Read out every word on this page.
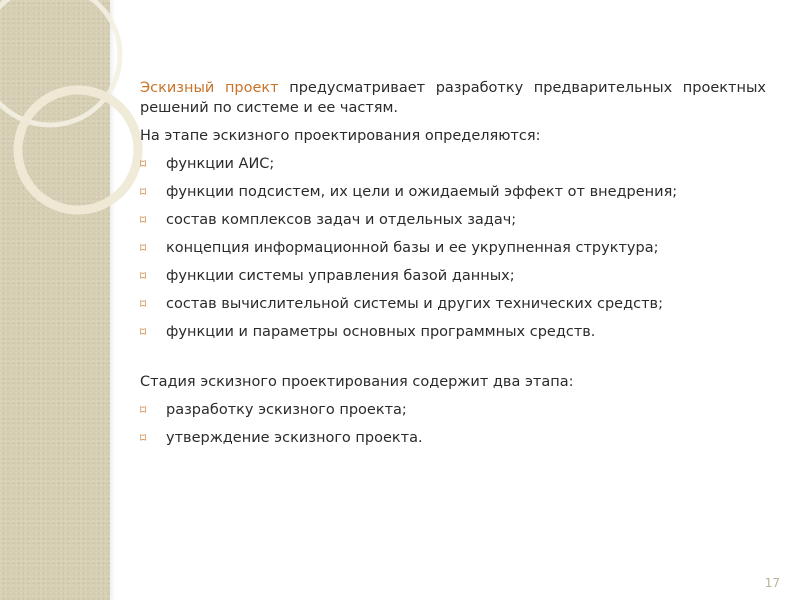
Эскизный проект предусматривает разработку предварительных проектных решений по системе и ее частям.

На этапе эскизного проектирования определяются:
⌑ функции АИС;
⌑ функции подсистем, их цели и ожидаемый эффект от внедрения;
⌑ состав комплексов задач и отдельных задач;
⌑ концепция информационной базы и ее укрупненная структура;
⌑ функции системы управления базой данных;
⌑ состав вычислительной системы и других технических средств;
⌑ функции и параметры основных программных средств.
Стадия эскизного проектирования содержит два этапа:
⌑ разработку эскизного проекта;
⌑ утверждение эскизного проекта.
17
